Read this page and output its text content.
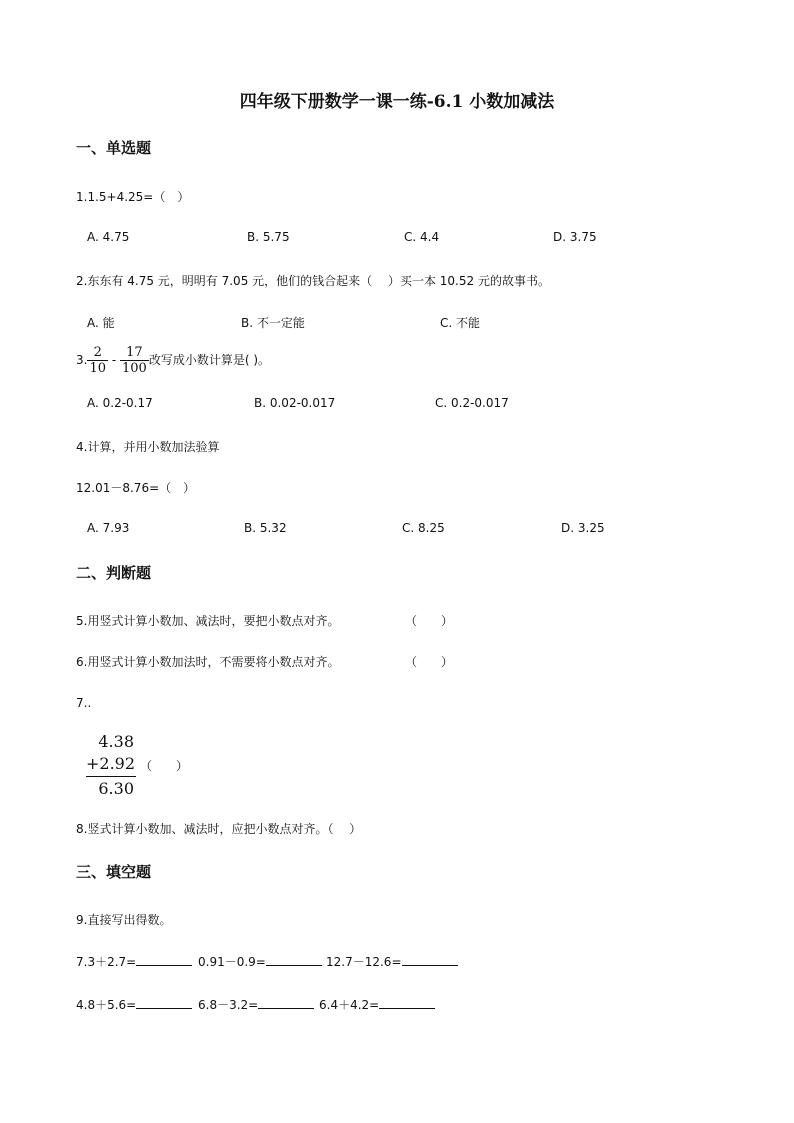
四年级下册数学一课一练-6.1 小数加减法
一、单选题
1.1.5+4.25=（　）
A. 4.75	B. 5.75	C. 4.4	D. 3.75
2.东东有 4.75 元，明明有 7.05 元，他们的钱合起来（　 ）买一本 10.52 元的故事书。
A. 能	B. 不一定能	C. 不能
3. $\frac{2}{10} - \frac{17}{100}$ 改写成小数计算是( )。
A. 0.2-0.17	B. 0.02-0.017	C. 0.2-0.017
4.计算，并用小数加法验算
12.01－8.76=（　）
A. 7.93	B. 5.32	C. 8.25	D. 3.25
二、判断题
5.用竖式计算小数加、减法时，要把小数点对齐。	（　　）
6.用竖式计算小数加法时，不需要将小数点对齐。	（　　）
7..
4.38
+2.92
6.30
（　　）
8.竖式计算小数加、减法时，应把小数点对齐。（　 ）
三、填空题
9.直接写出得数。
7.3＋2.7=	0.91－0.9=	12.7－12.6=
4.8＋5.6=	6.8－3.2=	6.4＋4.2=
